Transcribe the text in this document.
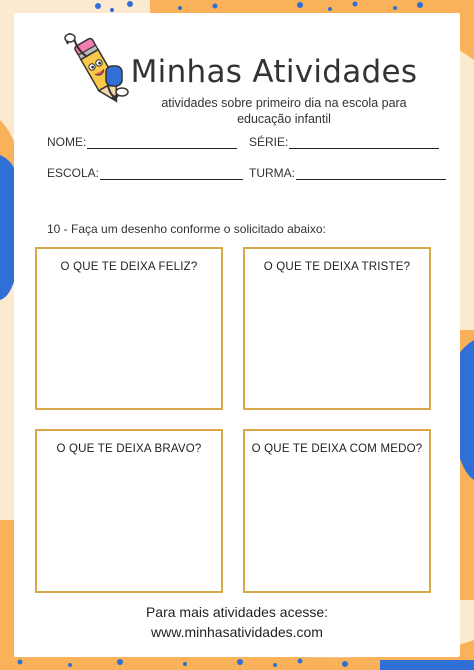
Minhas Atividades
atividades sobre primeiro dia na escola para educação infantil
NOME:	SÉRIE:
ESCOLA:	TURMA:
10 - Faça um desenho conforme o solicitado abaixo:
O QUE TE DEIXA FELIZ?	O QUE TE DEIXA TRISTE?
O QUE TE DEIXA BRAVO?	O QUE TE DEIXA COM MEDO?
Para mais atividades acesse:
www.minhasatividades.com
